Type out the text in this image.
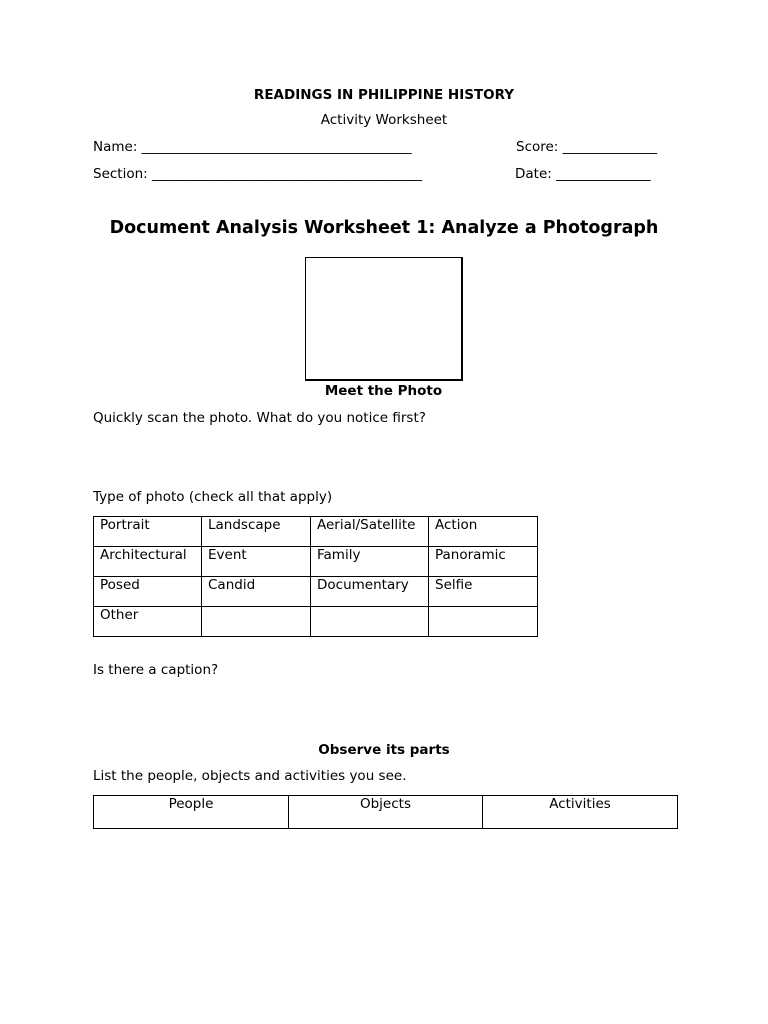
READINGS IN PHILIPPINE HISTORY
Activity Worksheet
Name: ________________________________________	Score: ______________
Section: ________________________________________	Date: ______________
Document Analysis Worksheet 1: Analyze a Photograph
Meet the Photo
Quickly scan the photo. What do you notice first?
Type of photo (check all that apply)
Portrait	Landscape	Aerial/Satellite	Action
Architectural	Event	Family	Panoramic
Posed	Candid	Documentary	Selfie
Other			
Is there a caption?
Observe its parts
List the people, objects and activities you see.
People	Objects	Activities
